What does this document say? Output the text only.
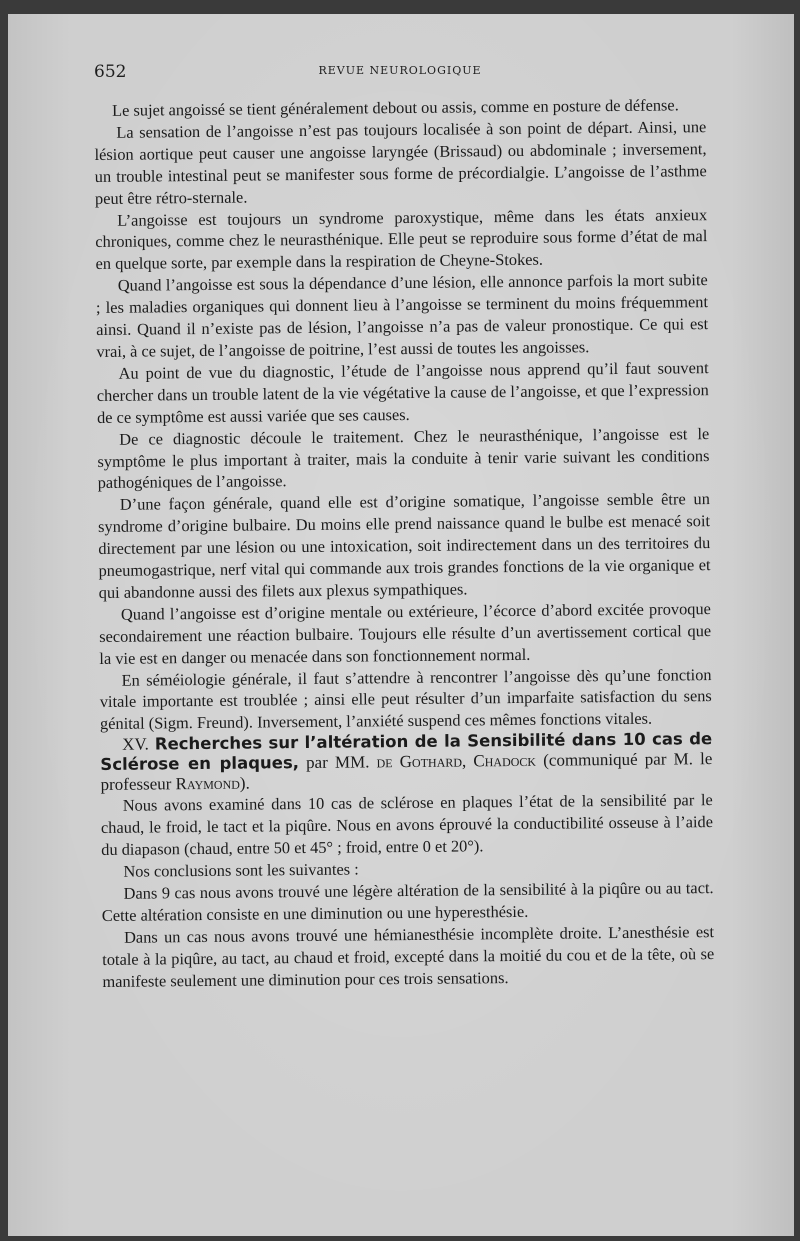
652	REVUE NEUROLOGIQUE

Le sujet angoissé se tient généralement debout ou assis, comme en posture de défense.

La sensation de l’angoisse n’est pas toujours localisée à son point de départ. Ainsi, une lésion aortique peut causer une angoisse laryngée (Brissaud) ou abdominale ; inversement, un trouble intestinal peut se manifester sous forme de précordialgie. L’angoisse de l’asthme peut être rétro-sternale.

L’angoisse est toujours un syndrome paroxystique, même dans les états anxieux chroniques, comme chez le neurasthénique. Elle peut se reproduire sous forme d’état de mal en quelque sorte, par exemple dans la respiration de Cheyne-Stokes.

Quand l’angoisse est sous la dépendance d’une lésion, elle annonce parfois la mort subite ; les maladies organiques qui donnent lieu à l’angoisse se terminent du moins fréquemment ainsi. Quand il n’existe pas de lésion, l’angoisse n’a pas de valeur pronostique. Ce qui est vrai, à ce sujet, de l’angoisse de poitrine, l’est aussi de toutes les angoisses.

Au point de vue du diagnostic, l’étude de l’angoisse nous apprend qu’il faut souvent chercher dans un trouble latent de la vie végétative la cause de l’angoisse, et que l’expression de ce symptôme est aussi variée que ses causes.

De ce diagnostic découle le traitement. Chez le neurasthénique, l’angoisse est le symptôme le plus important à traiter, mais la conduite à tenir varie suivant les conditions pathogéniques de l’angoisse.

D’une façon générale, quand elle est d’origine somatique, l’angoisse semble être un syndrome d’origine bulbaire. Du moins elle prend naissance quand le bulbe est menacé soit directement par une lésion ou une intoxication, soit indirectement dans un des territoires du pneumogastrique, nerf vital qui commande aux trois grandes fonctions de la vie organique et qui abandonne aussi des filets aux plexus sympathiques.

Quand l’angoisse est d’origine mentale ou extérieure, l’écorce d’abord excitée provoque secondairement une réaction bulbaire. Toujours elle résulte d’un avertissement cortical que la vie est en danger ou menacée dans son fonctionnement normal.

En séméiologie générale, il faut s’attendre à rencontrer l’angoisse dès qu’une fonction vitale importante est troublée ; ainsi elle peut résulter d’un imparfaite satisfaction du sens génital (Sigm. Freund). Inversement, l’anxiété suspend ces mêmes fonctions vitales.

XV. Recherches sur l’altération de la Sensibilité dans 10 cas de Sclérose en plaques, par MM. de Gothard, Chadock (communiqué par M. le professeur Raymond).

Nous avons examiné dans 10 cas de sclérose en plaques l’état de la sensibilité par le chaud, le froid, le tact et la piqûre. Nous en avons éprouvé la conductibilité osseuse à l’aide du diapason (chaud, entre 50 et 45° ; froid, entre 0 et 20°).

Nos conclusions sont les suivantes :

Dans 9 cas nous avons trouvé une légère altération de la sensibilité à la piqûre ou au tact. Cette altération consiste en une diminution ou une hyperesthésie.

Dans un cas nous avons trouvé une hémianesthésie incomplète droite. L’anesthésie est totale à la piqûre, au tact, au chaud et froid, excepté dans la moitié du cou et de la tête, où se manifeste seulement une diminution pour ces trois sensations.
